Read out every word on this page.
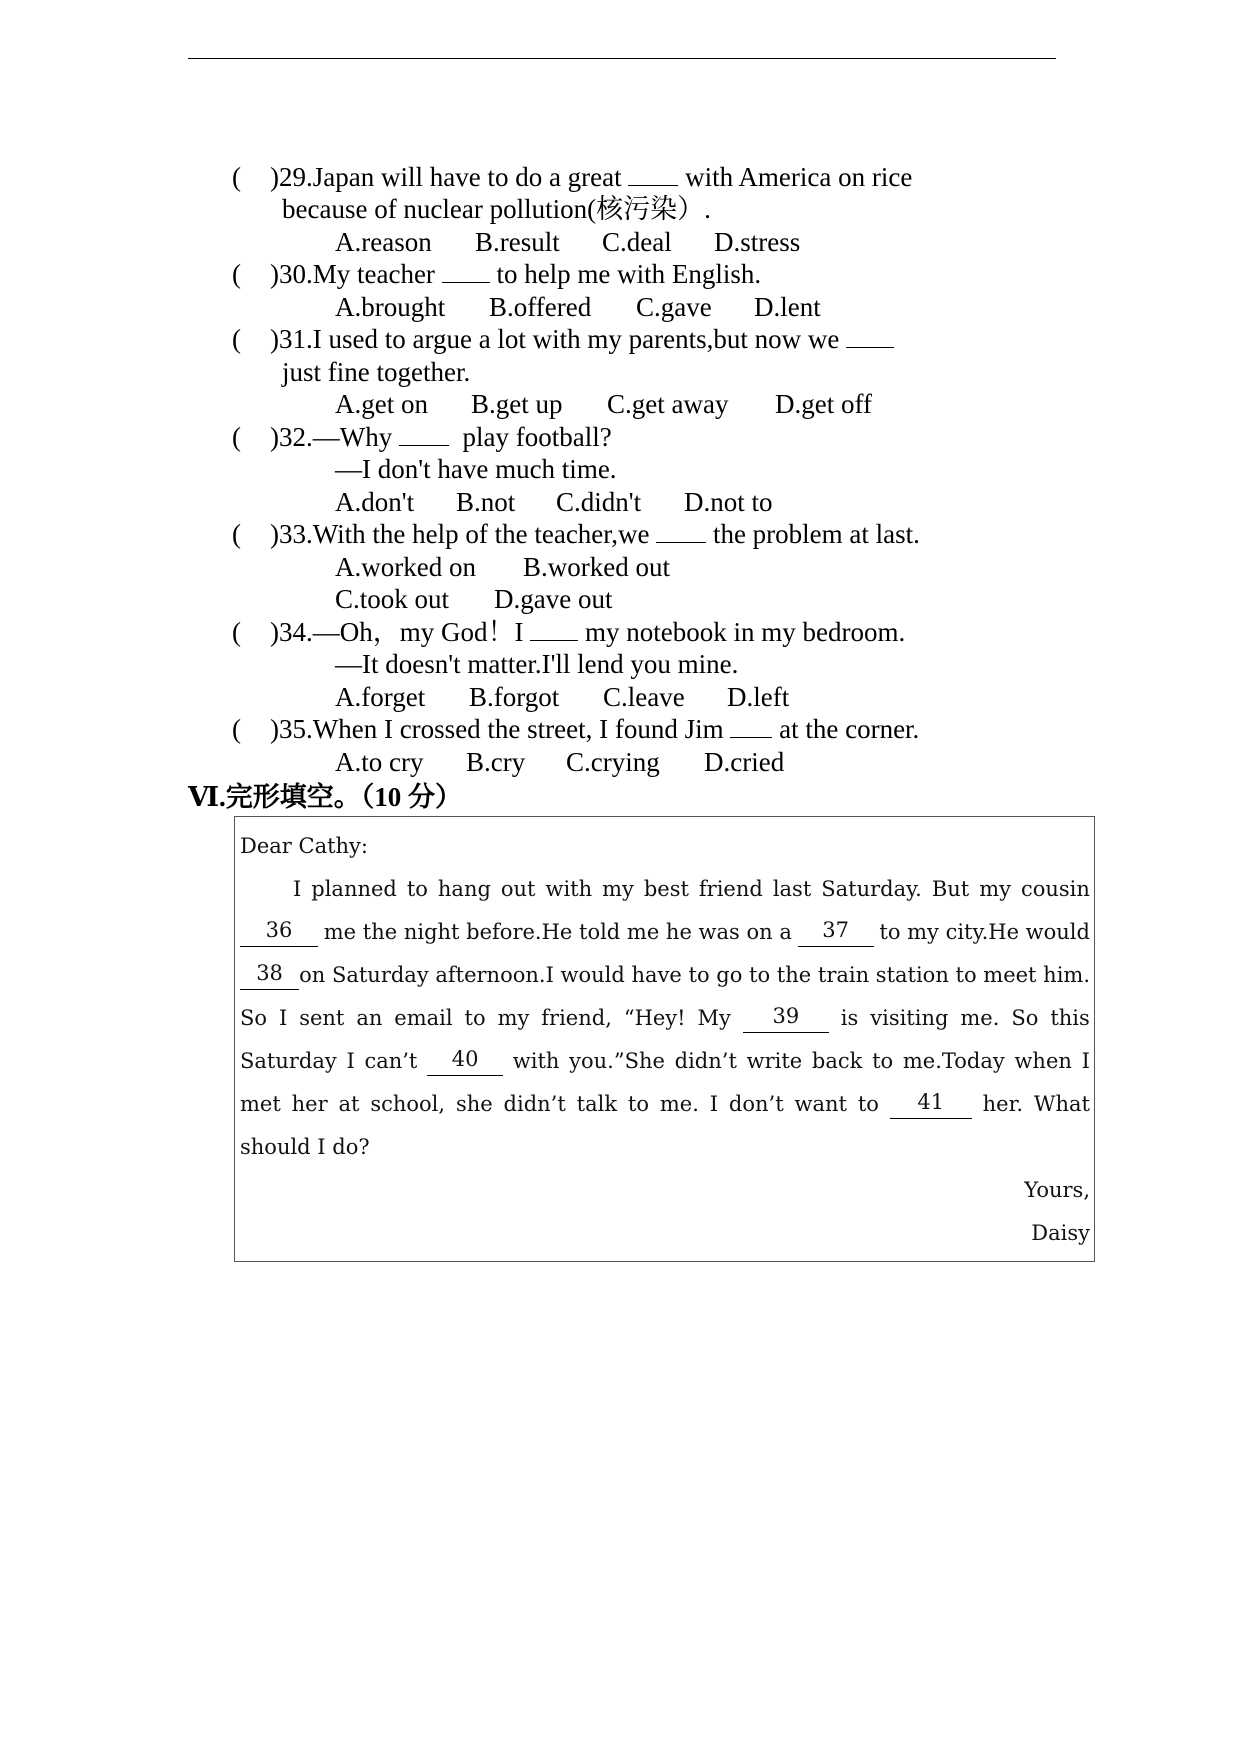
( )29.Japan will have to do a great  with America on rice
because of nuclear pollution(核污染）.
A.reason B.result C.deal D.stress
( )30.My teacher  to help me with English.
A.brought B.offered C.gave D.lent
( )31.I used to argue a lot with my parents,but now we
just fine together.
A.get on B.get up C.get away D.get off
( )32.—Why   play football?
—I don't have much time.
A.don't B.not C.didn't D.not to
( )33.With the help of the teacher,we  the problem at last.
A.worked on B.worked out
C.took out D.gave out
( )34.—Oh，my God！I  my notebook in my bedroom.
—It doesn't matter.I'll lend you mine.
A.forget B.forgot C.leave D.left
( )35.When I crossed the street, I found Jim  at the corner.
A.to cry B.cry C.crying D.cried
Ⅵ.完形填空。（10 分）
Dear Cathy:
I planned to hang out with my best friend last Saturday. But my cousin
36	me the night before.He told me he was on a	37	to my city.He would
38 on Saturday afternoon.I would have to go to the train station to meet him.
So I sent an email to my friend, “Hey! My	39	is visiting me. So this
Saturday I can’t	40	with you.”She didn’t write back to me.Today when I
met her at school, she didn’t talk to me. I don’t want to	41	her. What
should I do?
Yours,
Daisy
